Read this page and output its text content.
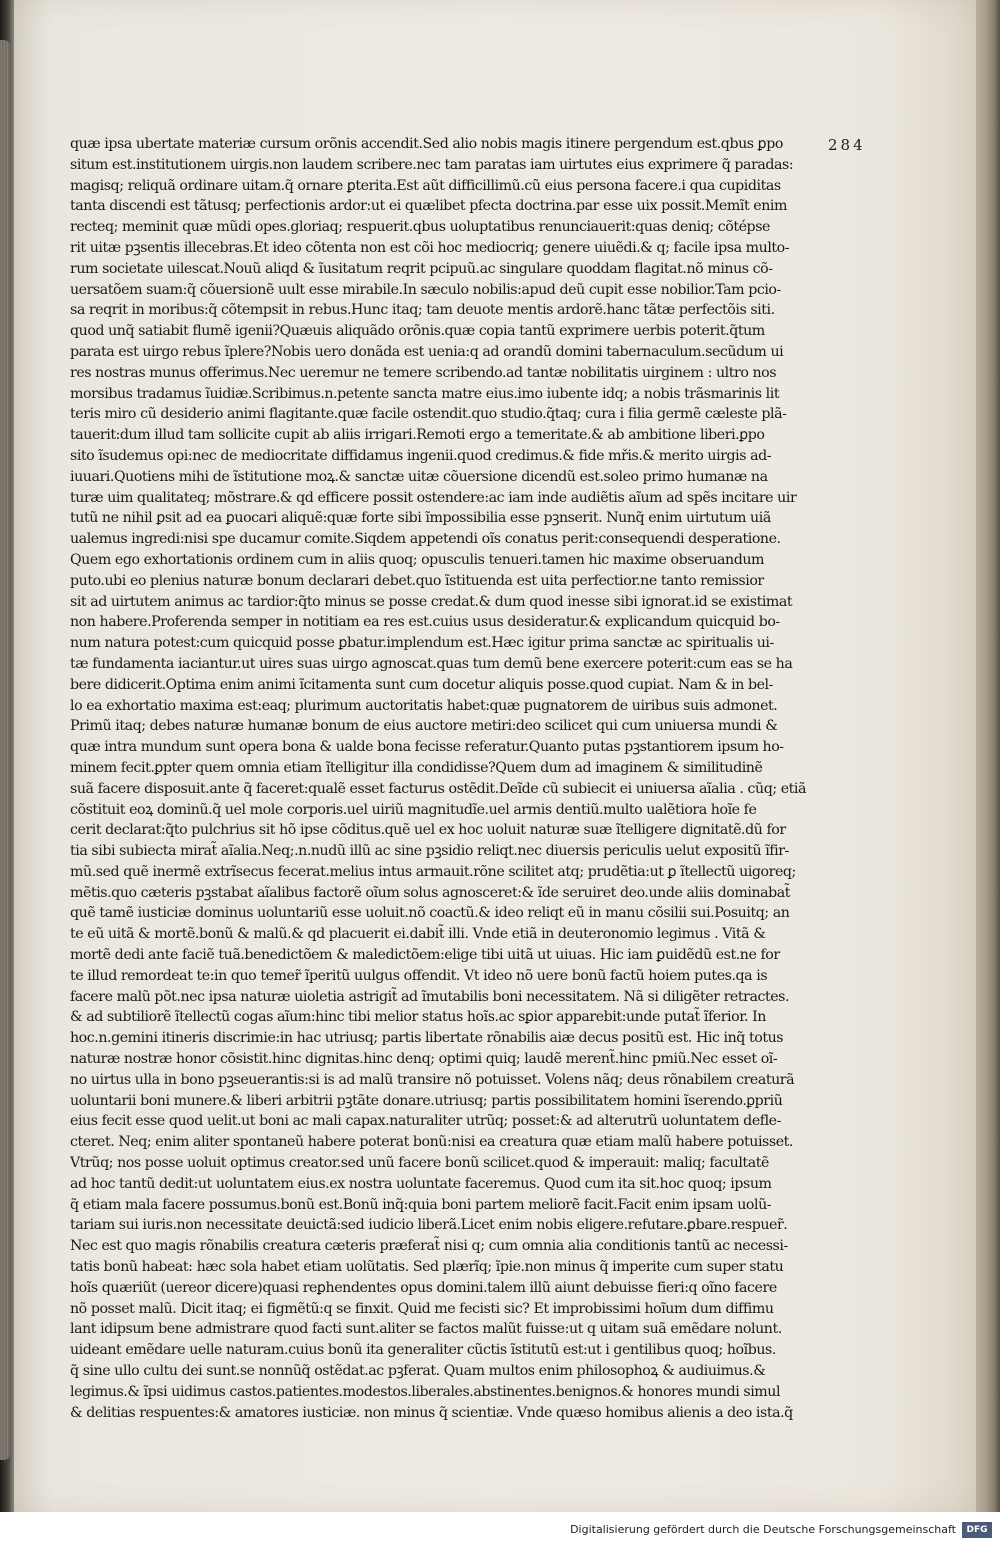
284
quæ ipsa ubertate materiæ cursum orõnis accendit.Sed alio nobis magis itinere pergendum est.qbus ꝑpo
situm est.institutionem uirgis.non laudem scribere.nec tam paratas iam uirtutes eius exprimere q̃ paradas:
magisq; reliquã ordinare uitam.q̃ ornare ꝑterita.Est aũt difficillimũ.cũ eius persona facere.i qua cupiditas
tanta discendi est tãtusq; perfectionis ardor:ut ei quælibet pfecta doctrina.par esse uix possit.Memĩt enim
recteq; meminit quæ mũdi opes.gloriaq; respuerit.qbus uoluptatibus renunciauerit:quas deniq; cõtépse
rit uitæ pꝫsentis illecebras.Et ideo cõtenta non est cõi hoc mediocriq; genere uiuẽdi.& q; facile ipsa multo-
rum societate uilescat.Nouũ aliqd & ĩusitatum reqrit pcipuũ.ac singulare quoddam flagitat.nõ minus cõ-
uersatõem suam:q̃ cõuersionẽ uult esse mirabile.In sæculo nobilis:apud deũ cupit esse nobilior.Tam pcio-
sa reqrit in moribus:q̃ cõtempsit in rebus.Hunc itaq; tam deuote mentis ardorẽ.hanc tãtæ perfectõis siti.
quod unq̃ satiabit flumẽ igenii?Quæuis aliquãdo orõnis.quæ copia tantũ exprimere uerbis poterit.q̃tum
parata est uirgo rebus ĩplere?Nobis uero donãda est uenia:q ad orandũ domini tabernaculum.secũdum ui
res nostras munus offerimus.Nec ueremur ne temere scribendo.ad tantæ nobilitatis uirginem : ultro nos
morsibus tradamus ĩuidiæ.Scribimus.n.petente sancta matre eius.imo iubente idq; a nobis trãsmarinis lit
teris miro cũ desiderio animi flagitante.quæ facile ostendit.quo studio.q̃taq; cura i filia germẽ cæleste plã-
tauerit:dum illud tam sollicite cupit ab aliis irrigari.Remoti ergo a temeritate.& ab ambitione liberi.ꝑpo
sito ĩsudemus opi:nec de mediocritate diffidamus ingenii.quod credimus.& fide mřis.& merito uirgis ad-
iuuari.Quotiens mihi de ĩstitutione moꝝ.& sanctæ uitæ cõuersione dicendũ est.soleo primo humanæ na
turæ uim qualitateq; mõstrare.& qd efficere possit ostendere:ac iam inde audiẽtis aĩum ad spẽs incitare uir
tutũ ne nihil ꝑsit ad ea ꝑuocari aliquẽ:quæ forte sibi ĩmpossibilia esse pꝫnserit. Nunq̃ enim uirtutum uiã
ualemus ingredi:nisi spe ducamur comite.Siqdem appetendi oĩs conatus perit:consequendi desperatione.
Quem ego exhortationis ordinem cum in aliis quoq; opusculis tenueri.tamen hic maxime obseruandum
puto.ubi eo plenius naturæ bonum declarari debet.quo ĩstituenda est uita perfectior.ne tanto remissior
sit ad uirtutem animus ac tardior:q̃to minus se posse credat.& dum quod inesse sibi ignorat.id se existimat
non habere.Proferenda semper in notitiam ea res est.cuius usus desideratur.& explicandum quicquid bo-
num natura potest:cum quicquid posse ꝑbatur.implendum est.Hæc igitur prima sanctæ ac spiritualis ui-
tæ fundamenta iaciantur.ut uires suas uirgo agnoscat.quas tum demũ bene exercere poterit:cum eas se ha
bere didicerit.Optima enim animi ĩcitamenta sunt cum docetur aliquis posse.quod cupiat. Nam & in bel-
lo ea exhortatio maxima est:eaq; plurimum auctoritatis habet:quæ pugnatorem de uiribus suis admonet.
Primũ itaq; debes naturæ humanæ bonum de eius auctore metiri:deo scilicet qui cum uniuersa mundi &
quæ intra mundum sunt opera bona & ualde bona fecisse referatur.Quanto putas pꝫstantiorem ipsum ho-
minem fecit.ꝑpter quem omnia etiam ĩtelligitur illa condidisse?Quem dum ad imaginem & similitudinẽ
suã facere disposuit.ante q̃ faceret:qualẽ esset facturus ostẽdit.Deĩde cũ subiecit ei uniuersa aĩalia . cũq; etiã
cõstituit eoꝝ dominũ.q̃ uel mole corporis.uel uiriũ magnitudĩe.uel armis dentiũ.multo ualẽtiora hoĩe fe
cerit declarat:q̃to pulchrius sit hõ ipse cõditus.quẽ uel ex hoc uoluit naturæ suæ ĩtelligere dignitatẽ.dũ for
tia sibi subiecta mirat̃ aĩalia.Neq;.n.nudũ illũ ac sine pꝫsidio reliqt.nec diuersis periculis uelut expositũ ĩfir-
mũ.sed quẽ inermẽ extrĩsecus fecerat.melius intus armauit.rõne scilitet atq; prudẽtia:ut ꝑ ĩtellectũ uigoreq;
mẽtis.quo cæteris pꝫstabat aĩalibus factorẽ oĩum solus agnosceret:& ĩde seruiret deo.unde aliis dominabat̃
quẽ tamẽ iusticiæ dominus uoluntariũ esse uoluit.nõ coactũ.& ideo reliqt eũ in manu cõsilii sui.Posuitq; an
te eũ uitã & mortẽ.bonũ & malũ.& qd placuerit ei.dabit̃ illi. Vnde etiã in deuteronomio legimus . Vitã &
mortẽ dedi ante faciẽ tuã.benedictõem & maledictõem:elige tibi uitã ut uiuas. Hic iam ꝑuidẽdũ est.ne for
te illud remordeat te:in quo temer̃ ĩperitũ uulgus offendit. Vt ideo nõ uere bonũ factũ hoiem putes.qa is
facere malũ põt.nec ipsa naturæ uioletia astrigit̃ ad ĩmutabilis boni necessitatem. Nã si diligẽter retractes.
& ad subtiliorẽ ĩtellectũ cogas aĩum:hinc tibi melior status hoĩs.ac sꝑior apparebit:unde putat̃ ĩferior. In
hoc.n.gemini itineris discrimie:in hac utriusq; partis libertate rõnabilis aiæ decus positũ est. Hic inq̃ totus
naturæ nostræ honor cõsistit.hinc dignitas.hinc denq; optimi quiq; laudẽ merent̃.hinc pmiũ.Nec esset oĩ-
no uirtus ulla in bono pꝫseuerantis:si is ad malũ transire nõ potuisset. Volens nãq; deus rõnabilem creaturã
uoluntarii boni munere.& liberi arbitrii pꝫtãte donare.utriusq; partis possibilitatem homini ĩserendo.ꝑpriũ
eius fecit esse quod uelit.ut boni ac mali capax.naturaliter utrũq; posset:& ad alterutrũ uoluntatem defle-
cteret. Neq; enim aliter spontaneũ habere poterat bonũ:nisi ea creatura quæ etiam malũ habere potuisset.
Vtrũq; nos posse uoluit optimus creator.sed unũ facere bonũ scilicet.quod & imperauit: maliq; facultatẽ
ad hoc tantũ dedit:ut uoluntatem eius.ex nostra uoluntate faceremus. Quod cum ita sit.hoc quoq; ipsum
q̃ etiam mala facere possumus.bonũ est.Bonũ inq̃:quia boni partem meliorẽ facit.Facit enim ipsam uolũ-
tariam sui iuris.non necessitate deuictã:sed iudicio liberã.Licet enim nobis eligere.refutare.ꝑbare.respuer̃.
Nec est quo magis rõnabilis creatura cæteris præferat̃ nisi q; cum omnia alia conditionis tantũ ac necessi-
tatis bonũ habeat: hæc sola habet etiam uolũtatis. Sed plærĩq; ĩpie.non minus q̃ imperite cum super statu
hoĩs quæriũt (uereor dicere)quasi reꝑhendentes opus domini.talem illũ aiunt debuisse fieri:q oĩno facere
nõ posset malũ. Dicit itaq; ei figmẽtũ:q se finxit. Quid me fecisti sic? Et improbissimi hoĩum dum diffimu
lant idipsum bene admistrare quod facti sunt.aliter se factos malũt fuisse:ut q uitam suã emẽdare nolunt.
uideant emẽdare uelle naturam.cuius bonũ ita generaliter cũctis ĩstitutũ est:ut i gentilibus quoq; hoĩbus.
q̃ sine ullo cultu dei sunt.se nonnũq̃ ostẽdat.ac pꝫferat. Quam multos enim philosophoꝝ & audiuimus.&
legimus.& ĩpsi uidimus castos.patientes.modestos.liberales.abstinentes.benignos.& honores mundi simul
& delitias respuentes:& amatores iusticiæ. non minus q̃ scientiæ. Vnde quæso homibus alienis a deo ista.q̃
Digitalisierung gefördert durch die Deutsche Forschungsgemeinschaft	DFG
